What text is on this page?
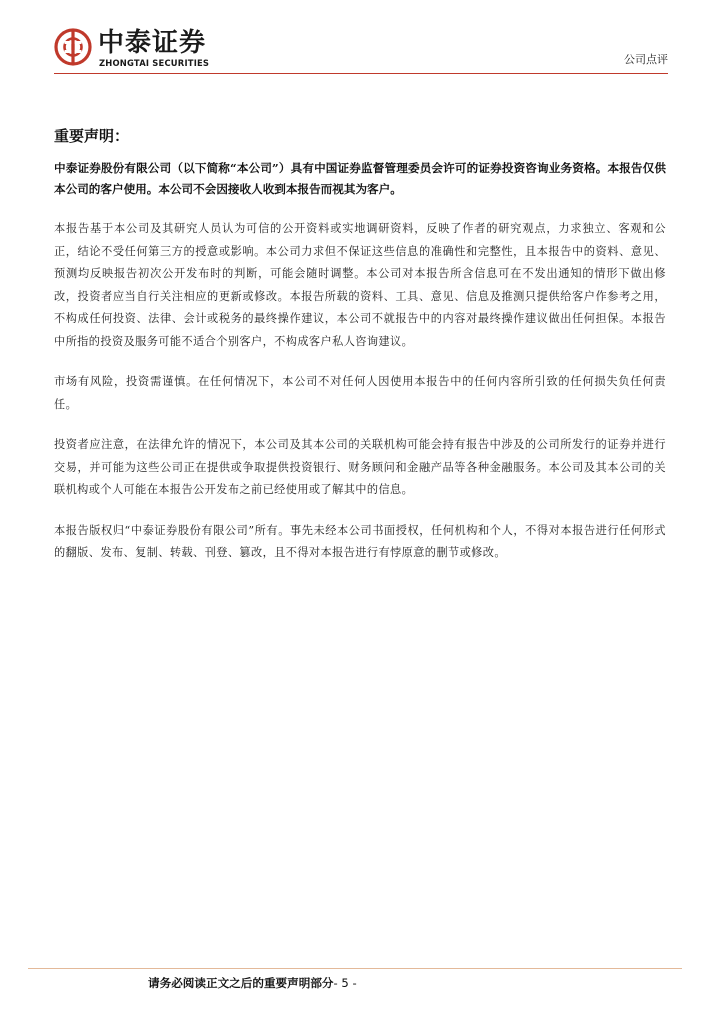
中泰证券
ZHONGTAI SECURITIES	公司点评
重要声明：

中泰证券股份有限公司（以下简称“本公司”）具有中国证券监督管理委员会许可的证券投资咨询业务资格。本报告仅供本公司的客户使用。本公司不会因接收人收到本报告而视其为客户。

本报告基于本公司及其研究人员认为可信的公开资料或实地调研资料，反映了作者的研究观点，力求独立、客观和公正，结论不受任何第三方的授意或影响。本公司力求但不保证这些信息的准确性和完整性，且本报告中的资料、意见、预测均反映报告初次公开发布时的判断，可能会随时调整。本公司对本报告所含信息可在不发出通知的情形下做出修改，投资者应当自行关注相应的更新或修改。本报告所载的资料、工具、意见、信息及推测只提供给客户作参考之用，不构成任何投资、法律、会计或税务的最终操作建议，本公司不就报告中的内容对最终操作建议做出任何担保。本报告中所指的投资及服务可能不适合个别客户，不构成客户私人咨询建议。

市场有风险，投资需谨慎。在任何情况下，本公司不对任何人因使用本报告中的任何内容所引致的任何损失负任何责任。

投资者应注意，在法律允许的情况下，本公司及其本公司的关联机构可能会持有报告中涉及的公司所发行的证券并进行交易，并可能为这些公司正在提供或争取提供投资银行、财务顾问和金融产品等各种金融服务。本公司及其本公司的关联机构或个人可能在本报告公开发布之前已经使用或了解其中的信息。

本报告版权归“中泰证券股份有限公司”所有。事先未经本公司书面授权，任何机构和个人，不得对本报告进行任何形式的翻版、发布、复制、转载、刊登、篡改，且不得对本报告进行有悖原意的删节或修改。

请务必阅读正文之后的重要声明部分- 5 -
